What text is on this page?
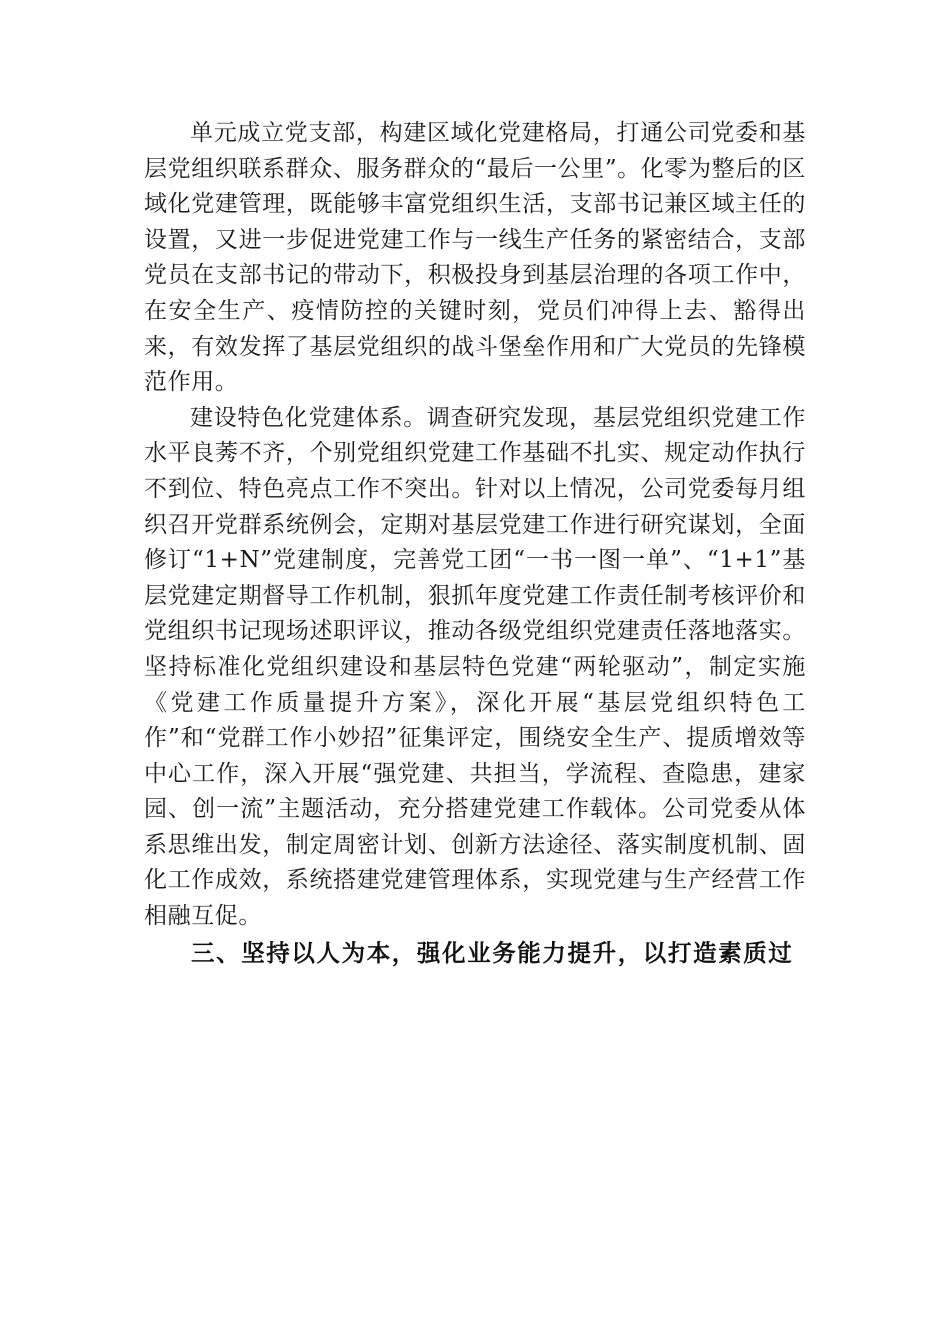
单元成立党支部，构建区域化党建格局，打通公司党委和基层党组织联系群众、服务群众的“最后一公里”。化零为整后的区域化党建管理，既能够丰富党组织生活，支部书记兼区域主任的设置，又进一步促进党建工作与一线生产任务的紧密结合，支部党员在支部书记的带动下，积极投身到基层治理的各项工作中，在安全生产、疫情防控的关键时刻，党员们冲得上去、豁得出来，有效发挥了基层党组织的战斗堡垒作用和广大党员的先锋模范作用。

建设特色化党建体系。调查研究发现，基层党组织党建工作水平良莠不齐，个别党组织党建工作基础不扎实、规定动作执行不到位、特色亮点工作不突出。针对以上情况，公司党委每月组织召开党群系统例会，定期对基层党建工作进行研究谋划，全面修订“1+N”党建制度，完善党工团“一书一图一单”、“1+1”基层党建定期督导工作机制，狠抓年度党建工作责任制考核评价和党组织书记现场述职评议，推动各级党组织党建责任落地落实。坚持标准化党组织建设和基层特色党建“两轮驱动”，制定实施《党建工作质量提升方案》，深化开展“基层党组织特色工作”和“党群工作小妙招”征集评定，围绕安全生产、提质增效等中心工作，深入开展“强党建、共担当，学流程、查隐患，建家园、创一流”主题活动，充分搭建党建工作载体。公司党委从体系思维出发，制定周密计划、创新方法途径、落实制度机制、固化工作成效，系统搭建党建管理体系，实现党建与生产经营工作相融互促。

三、坚持以人为本，强化业务能力提升，以打造素质过
